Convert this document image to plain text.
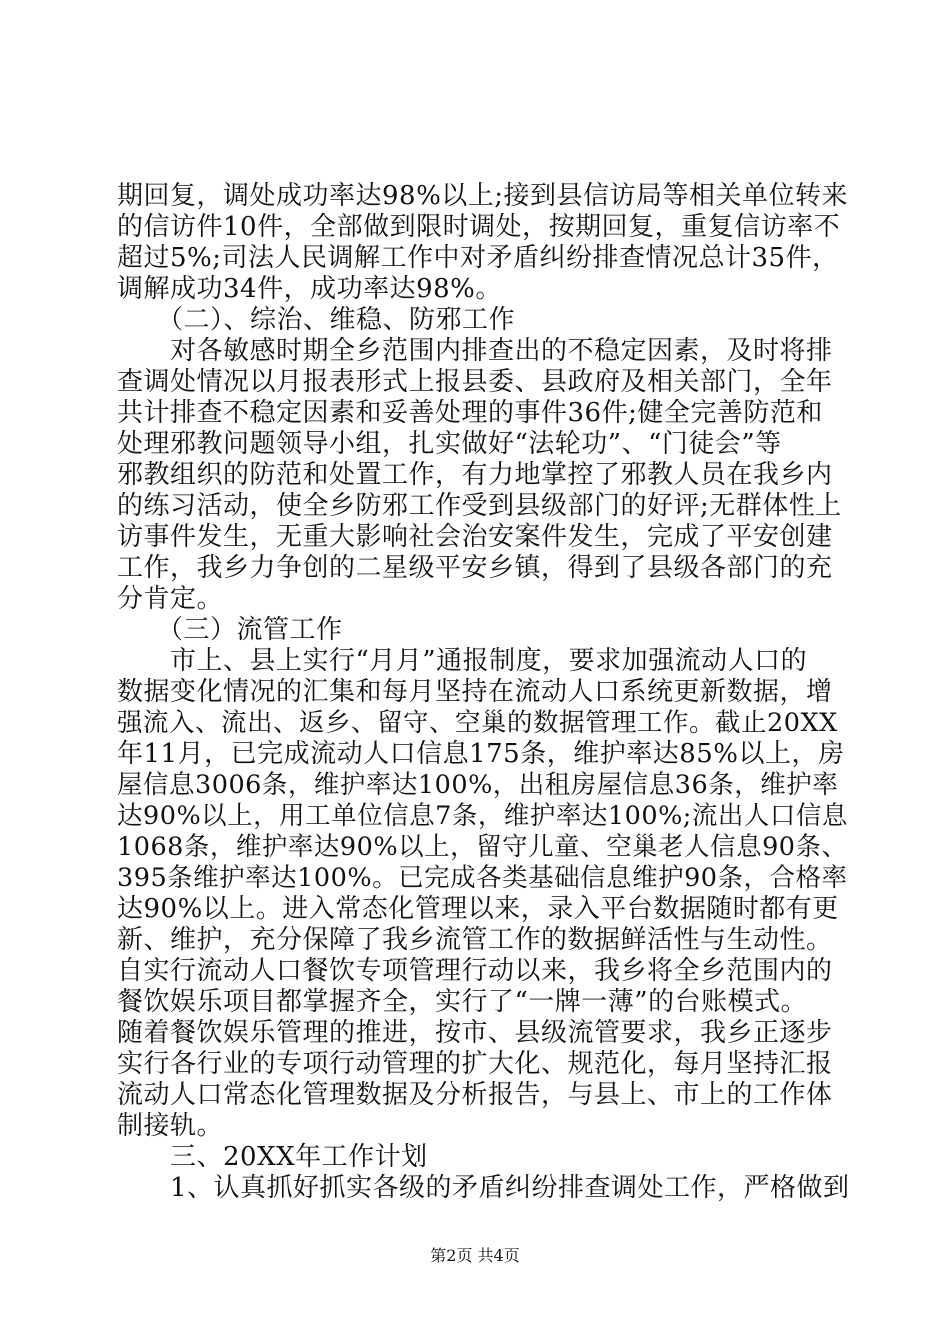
期回复，调处成功率达98%以上;接到县信访局等相关单位转来
的信访件10件，全部做到限时调处，按期回复，重复信访率不
超过5%;司法人民调解工作中对矛盾纠纷排查情况总计35件，
调解成功34件，成功率达98%。
　　（二）、综治、维稳、防邪工作
　　对各敏感时期全乡范围内排查出的不稳定因素，及时将排
查调处情况以月报表形式上报县委、县政府及相关部门，全年
共计排查不稳定因素和妥善处理的事件36件;健全完善防范和
处理邪教问题领导小组，扎实做好“法轮功”、“门徒会”等
邪教组织的防范和处置工作，有力地掌控了邪教人员在我乡内
的练习活动，使全乡防邪工作受到县级部门的好评;无群体性上
访事件发生，无重大影响社会治安案件发生，完成了平安创建
工作，我乡力争创的二星级平安乡镇，得到了县级各部门的充
分肯定。
　　（三）流管工作
　　市上、县上实行“月月”通报制度，要求加强流动人口的
数据变化情况的汇集和每月坚持在流动人口系统更新数据，增
强流入、流出、返乡、留守、空巢的数据管理工作。截止20XX
年11月，已完成流动人口信息175条，维护率达85%以上，房
屋信息3006条，维护率达100%，出租房屋信息36条，维护率
达90%以上，用工单位信息7条，维护率达100%;流出人口信息
1068条，维护率达90%以上，留守儿童、空巢老人信息90条、
395条维护率达100%。已完成各类基础信息维护90条，合格率
达90%以上。进入常态化管理以来，录入平台数据随时都有更
新、维护，充分保障了我乡流管工作的数据鲜活性与生动性。
自实行流动人口餐饮专项管理行动以来，我乡将全乡范围内的
餐饮娱乐项目都掌握齐全，实行了“一牌一薄”的台账模式。
随着餐饮娱乐管理的推进，按市、县级流管要求，我乡正逐步
实行各行业的专项行动管理的扩大化、规范化，每月坚持汇报
流动人口常态化管理数据及分析报告，与县上、市上的工作体
制接轨。
　　三、20XX年工作计划
　　1、认真抓好抓实各级的矛盾纠纷排查调处工作，严格做到
第2页 共4页
